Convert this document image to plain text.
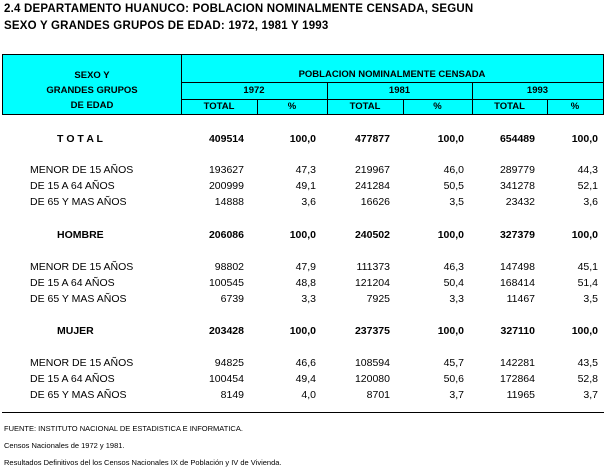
2.4 DEPARTAMENTO HUANUCO: POBLACION NOMINALMENTE CENSADA, SEGUN
SEXO Y GRANDES GRUPOS DE EDAD: 1972, 1981 Y 1993
SEXO Y
GRANDES GRUPOS
DE EDAD
POBLACION NOMINALMENTE CENSADA
1972	1981	1993
TOTAL	%	TOTAL	%	TOTAL	%
T O T A L	409514	100,0	477877	100,0	654489	100,0
MENOR DE 15 AÑOS	193627	47,3	219967	46,0	289779	44,3
DE 15 A 64 AÑOS	200999	49,1	241284	50,5	341278	52,1
DE 65 Y MAS AÑOS	14888	3,6	16626	3,5	23432	3,6
HOMBRE	206086	100,0	240502	100,0	327379	100,0
MENOR DE 15 AÑOS	98802	47,9	111373	46,3	147498	45,1
DE 15 A 64 AÑOS	100545	48,8	121204	50,4	168414	51,4
DE 65 Y MAS AÑOS	6739	3,3	7925	3,3	11467	3,5
MUJER	203428	100,0	237375	100,0	327110	100,0
MENOR DE 15 AÑOS	94825	46,6	108594	45,7	142281	43,5
DE 15 A 64 AÑOS	100454	49,4	120080	50,6	172864	52,8
DE 65 Y MAS AÑOS	8149	4,0	8701	3,7	11965	3,7
FUENTE: INSTITUTO NACIONAL DE ESTADISTICA E INFORMATICA.
Censos Nacionales de 1972 y 1981.
Resultados Definitivos del los Censos Nacionales IX de Población y IV de Vivienda.
